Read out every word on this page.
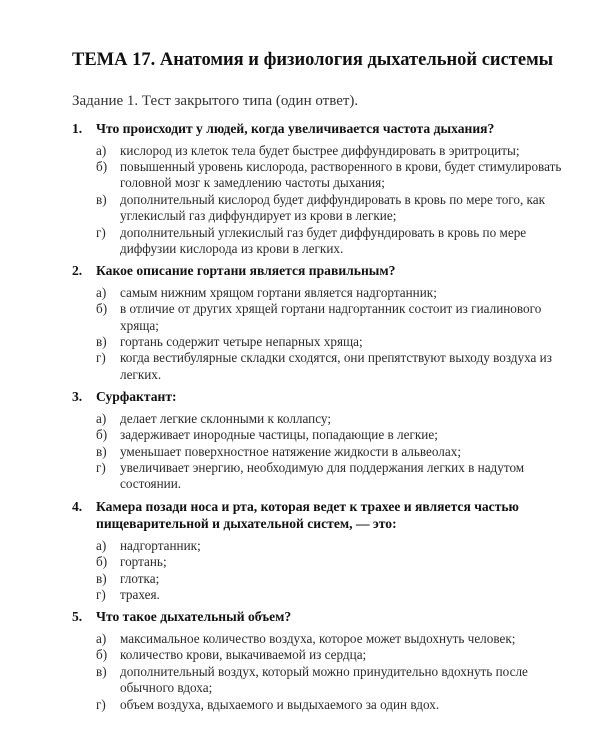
ТЕМА 17. Анатомия и физиология дыхательной системы
Задание 1. Тест закрытого типа (один ответ).
1.	Что происходит у людей, когда увеличивается частота дыхания?
а)	кислород из клеток тела будет быстрее диффундировать в эритроциты;
б) повышенный уровень кислорода, растворенного в крови, будет стимулировать головной мозг к замедлению частоты дыхания;
в)	дополнительный кислород будет диффундировать в кровь по мере того, как углекислый газ диффундирует из крови в легкие;
г)	дополнительный углекислый газ будет диффундировать в кровь по мере диффузии кислорода из крови в легких.
2.	Какое описание гортани является правильным?
а)	самым нижним хрящом гортани является надгортанник;
б) в отличие от других хрящей гортани надгортанник состоит из гиалинового хряща;
в)	гортань содержит четыре непарных хряща;
г)	когда вестибулярные складки сходятся, они препятствуют выходу воздуха из легких.
3.	Сурфактант:
а)	делает легкие склонными к коллапсу;
б) задерживает инородные частицы, попадающие в легкие;
в)	уменьшает поверхностное натяжение жидкости в альвеолах;
г)	увеличивает энергию, необходимую для поддержания легких в надутом состоянии.
4.	Камера позади носа и рта, которая ведет к трахее и является частью пищеварительной и дыхательной систем, — это:
а)	надгортанник;
б) гортань;
в)	глотка;
г)	трахея.
5.	Что такое дыхательный объем?
а)	максимальное количество воздуха, которое может выдохнуть человек;
б) количество крови, выкачиваемой из сердца;
в)	дополнительный воздух, который можно принудительно вдохнуть после обычного вдоха;
г)	объем воздуха, вдыхаемого и выдыхаемого за один вдох.
